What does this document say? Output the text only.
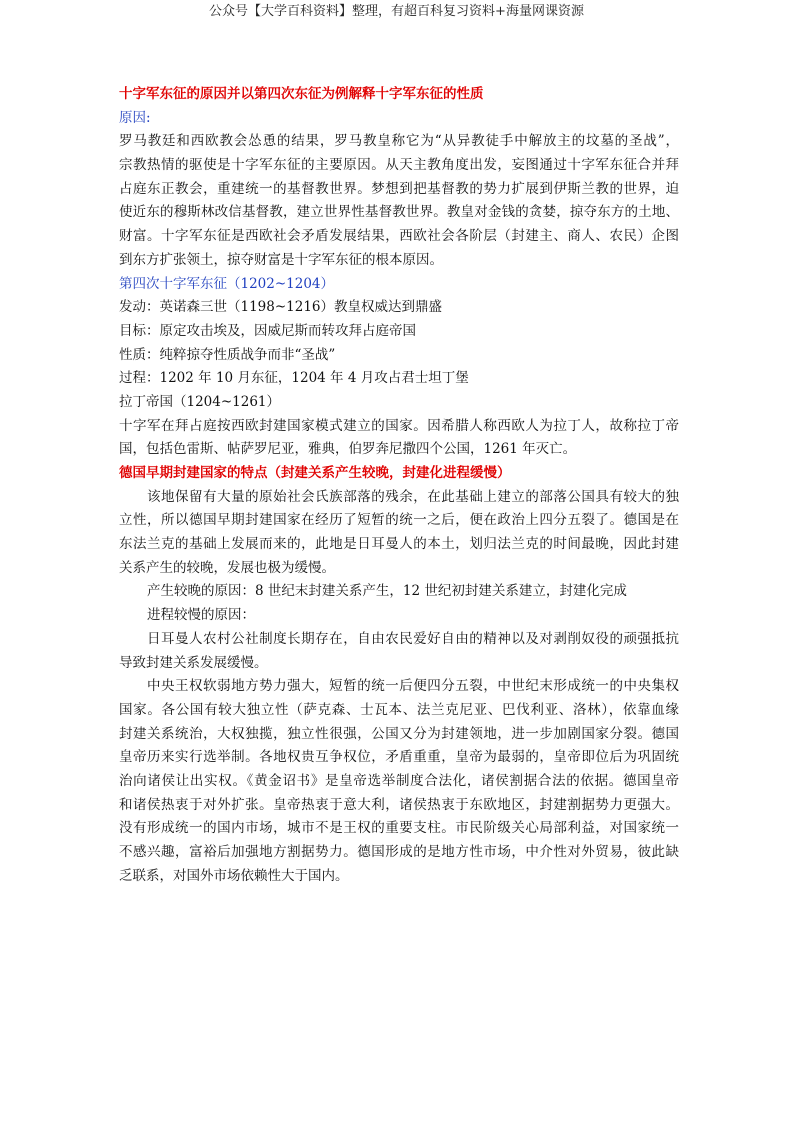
公众号【大学百科资料】整理，有超百科复习资料+海量网课资源
十字军东征的原因并以第四次东征为例解释十字军东征的性质
原因:
罗马教廷和西欧教会怂恿的结果，罗马教皇称它为“从异教徒手中解放主的坟墓的圣战”，
宗教热情的驱使是十字军东征的主要原因。从天主教角度出发，妄图通过十字军东征合并拜
占庭东正教会，重建统一的基督教世界。梦想到把基督教的势力扩展到伊斯兰教的世界，迫
使近东的穆斯林改信基督教，建立世界性基督教世界。教皇对金钱的贪婪，掠夺东方的土地、
财富。十字军东征是西欧社会矛盾发展结果，西欧社会各阶层（封建主、商人、农民）企图
到东方扩张领土，掠夺财富是十字军东征的根本原因。
第四次十字军东征（1202~1204）
发动：英诺森三世（1198~1216）教皇权威达到鼎盛
目标：原定攻击埃及，因威尼斯而转攻拜占庭帝国
性质：纯粹掠夺性质战争而非“圣战”
过程：1202 年 10 月东征，1204 年 4 月攻占君士坦丁堡
拉丁帝国（1204~1261）
十字军在拜占庭按西欧封建国家模式建立的国家。因希腊人称西欧人为拉丁人，故称拉丁帝
国，包括色雷斯、帖萨罗尼亚，雅典，伯罗奔尼撒四个公国，1261 年灭亡。
德国早期封建国家的特点（封建关系产生较晚，封建化进程缓慢）
该地保留有大量的原始社会氏族部落的残余，在此基础上建立的部落公国具有较大的独
立性，所以德国早期封建国家在经历了短暂的统一之后，便在政治上四分五裂了。德国是在
东法兰克的基础上发展而来的，此地是日耳曼人的本土，划归法兰克的时间最晚，因此封建
关系产生的较晚，发展也极为缓慢。
产生较晚的原因：8 世纪末封建关系产生，12 世纪初封建关系建立，封建化完成
进程较慢的原因：
日耳曼人农村公社制度长期存在，自由农民爱好自由的精神以及对剥削奴役的顽强抵抗
导致封建关系发展缓慢。
中央王权软弱地方势力强大，短暂的统一后便四分五裂，中世纪末形成统一的中央集权
国家。各公国有较大独立性（萨克森、士瓦本、法兰克尼亚、巴伐利亚、洛林），依靠血缘
封建关系统治，大权独揽，独立性很强，公国又分为封建领地，进一步加剧国家分裂。德国
皇帝历来实行选举制。各地权贵互争权位，矛盾重重，皇帝为最弱的，皇帝即位后为巩固统
治向诸侯让出实权。《黄金诏书》是皇帝选举制度合法化，诸侯割据合法的依据。德国皇帝
和诸侯热衷于对外扩张。皇帝热衷于意大利，诸侯热衷于东欧地区，封建割据势力更强大。
没有形成统一的国内市场，城市不是王权的重要支柱。市民阶级关心局部利益，对国家统一
不感兴趣，富裕后加强地方割据势力。德国形成的是地方性市场，中介性对外贸易，彼此缺
乏联系，对国外市场依赖性大于国内。
